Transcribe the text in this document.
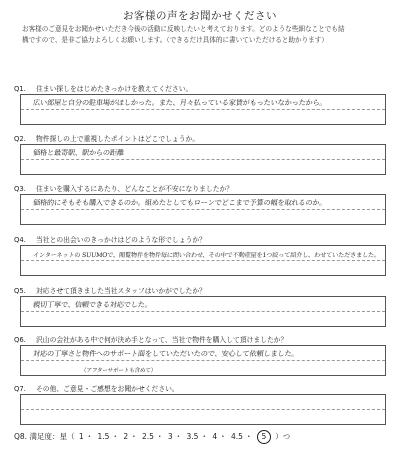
お客様の声をお聞かせください
お客様のご意見をお聞かせいただき今後の活動に反映したいと考えております。どのような些細なことでも結
構ですので、是非ご協力よろしくお願いします。（できるだけ具体的に書いていただけると助かります）
Q1. 住まい探しをはじめたきっかけを教えてください。
広い部屋と自分の駐車場がほしかった。また、月々払っている家賃がもったいなかったから。
Q2. 物件探しの上で重視したポイントはどこでしょうか。
価格と最寄駅、駅からの距離
Q3. 住まいを購入するにあたり、どんなことが不安になりましたか？
価格的にそもそも購入できるのか。組めたとしてもローンでどこまで予算の幅を取れるのか。
Q4. 当社との出会いのきっかけはどのような形でしょうか？
インターネットの SUUMOで、閲覧物件を物件毎に問い合わせ、その中で不動産屋を1つ絞って紹介し、わせていただきました。
Q5. 対応させて頂きました当社スタッフはいかがでしたか？
親切丁寧で、信頼できる対応でした。
Q6. 沢山の会社がある中で何が決め手となって、当社で物件を購入して頂けましたか？
対応の丁寧さと物件へのサポート面をしていただいたので、安心して依頼しました。
（アフターサポートも含めて）
Q7. その他、ご意見・ご感想をお聞かせください。
Q8. 満足度：星（ 1 ・ 1.5 ・ 2 ・ 2.5 ・ 3 ・ 3.5 ・ 4 ・ 4.5 ・ 5 ）つ
